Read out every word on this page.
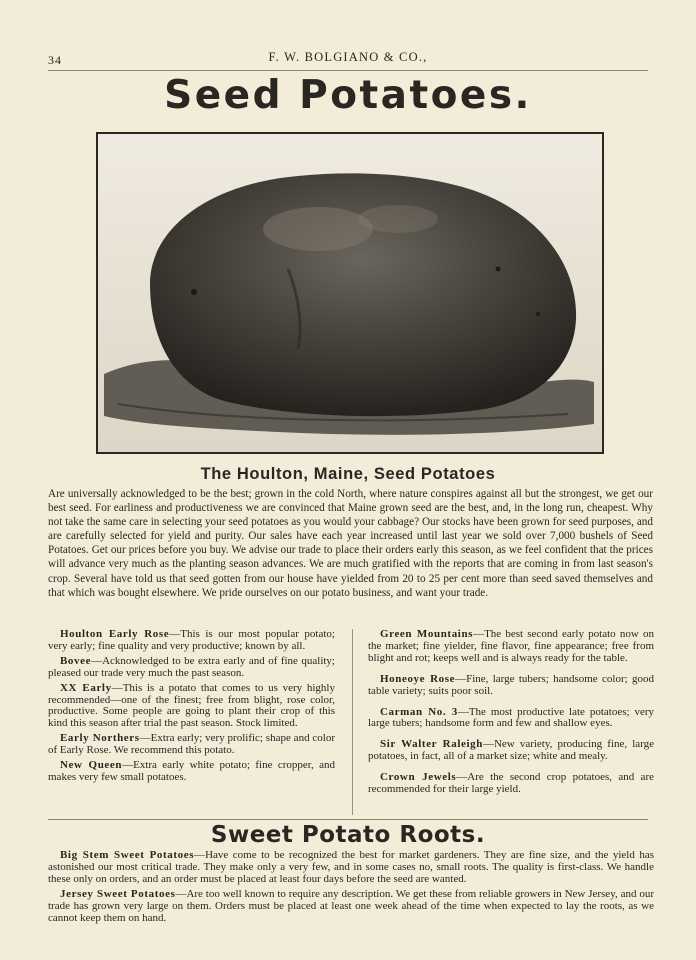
34	F. W. BOLGIANO & CO.,
Seed Potatoes.
The Houlton, Maine, Seed Potatoes
Are universally acknowledged to be the best; grown in the cold North, where nature conspires against all but the strongest, we get our best seed. For earliness and productiveness we are convinced that Maine grown seed are the best, and, in the long run, cheapest. Why not take the same care in selecting your seed potatoes as you would your cabbage? Our stocks have been grown for seed purposes, and are carefully selected for yield and purity. Our sales have each year increased until last year we sold over 7,000 bushels of Seed Potatoes. Get our prices before you buy. We advise our trade to place their orders early this season, as we feel confident that the prices will advance very much as the planting season advances. We are much gratified with the reports that are coming in from last season's crop. Several have told us that seed gotten from our house have yielded from 20 to 25 per cent more than seed saved themselves and that which was bought elsewhere. We pride ourselves on our potato business, and want your trade.
Houlton Early Rose—This is our most popular potato; very early; fine quality and very productive; known by all.
Bovee—Acknowledged to be extra early and of fine quality; pleased our trade very much the past season.
XX Early—This is a potato that comes to us very highly recommended—one of the finest; free from blight, rose color, productive. Some people are going to plant their crop of this kind this season after trial the past season. Stock limited.
Early Northers—Extra early; very prolific; shape and color of Early Rose. We recommend this potato.
New Queen—Extra early white potato; fine cropper, and makes very few small potatoes.
Green Mountains—The best second early potato now on the market; fine yielder, fine flavor, fine appearance; free from blight and rot; keeps well and is always ready for the table.
Honeoye Rose—Fine, large tubers; handsome color; good table variety; suits poor soil.
Carman No. 3—The most productive late potatoes; very large tubers; handsome form and few and shallow eyes.
Sir Walter Raleigh—New variety, producing fine, large potatoes, in fact, all of a market size; white and mealy.
Crown Jewels—Are the second crop potatoes, and are recommended for their large yield.
Sweet Potato Roots.
Big Stem Sweet Potatoes—Have come to be recognized the best for market gardeners. They are fine size, and the yield has astonished our most critical trade. They make only a very few, and in some cases no, small roots. The quality is first-class. We handle these only on orders, and an order must be placed at least four days before the seed are wanted.
Jersey Sweet Potatoes—Are too well known to require any description. We get these from reliable growers in New Jersey, and our trade has grown very large on them. Orders must be placed at least one week ahead of the time when expected to lay the roots, as we cannot keep them on hand.
